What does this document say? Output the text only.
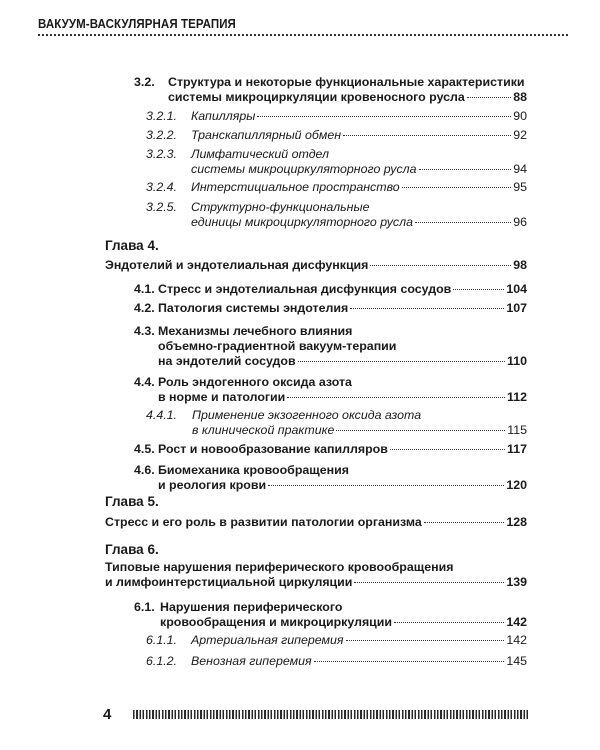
ВАКУУМ-ВАСКУЛЯРНАЯ ТЕРАПИЯ
3.2.	Структура и некоторые функциональные характеристики
системы микроциркуляции кровеносного русла	88
3.2.1.	Капилляры	90
3.2.2.	Транскапиллярный обмен	92
3.2.3.	Лимфатический отдел
системы микроциркуляторного русла	94
3.2.4.	Интерстициальное пространство	95
3.2.5.	Структурно-функциональные
единицы микроциркуляторного русла	96
Глава 4.
Эндотелий и эндотелиальная дисфункция	98
4.1. Стресс и эндотелиальная дисфункция сосудов	104
4.2. Патология системы эндотелия	107
4.3. Механизмы лечебного влияния
объемно-градиентной вакуум-терапии
на эндотелий сосудов	110
4.4. Роль эндогенного оксида азота
в норме и патологии	112
4.4.1.	Применение экзогенного оксида азота
в клинической практике	115
4.5. Рост и новообразование капилляров	117
4.6. Биомеханика кровообращения
и реология крови	120
Глава 5.
Стресс и его роль в развитии патологии организма	128
Глава 6.
Типовые нарушения периферического кровообращения
и лимфоинтерстициальной циркуляции	139
6.1. Нарушения периферического
кровообращения и микроциркуляции	142
6.1.1.	Артериальная гиперемия	142
6.1.2.	Венозная гиперемия	145
4
